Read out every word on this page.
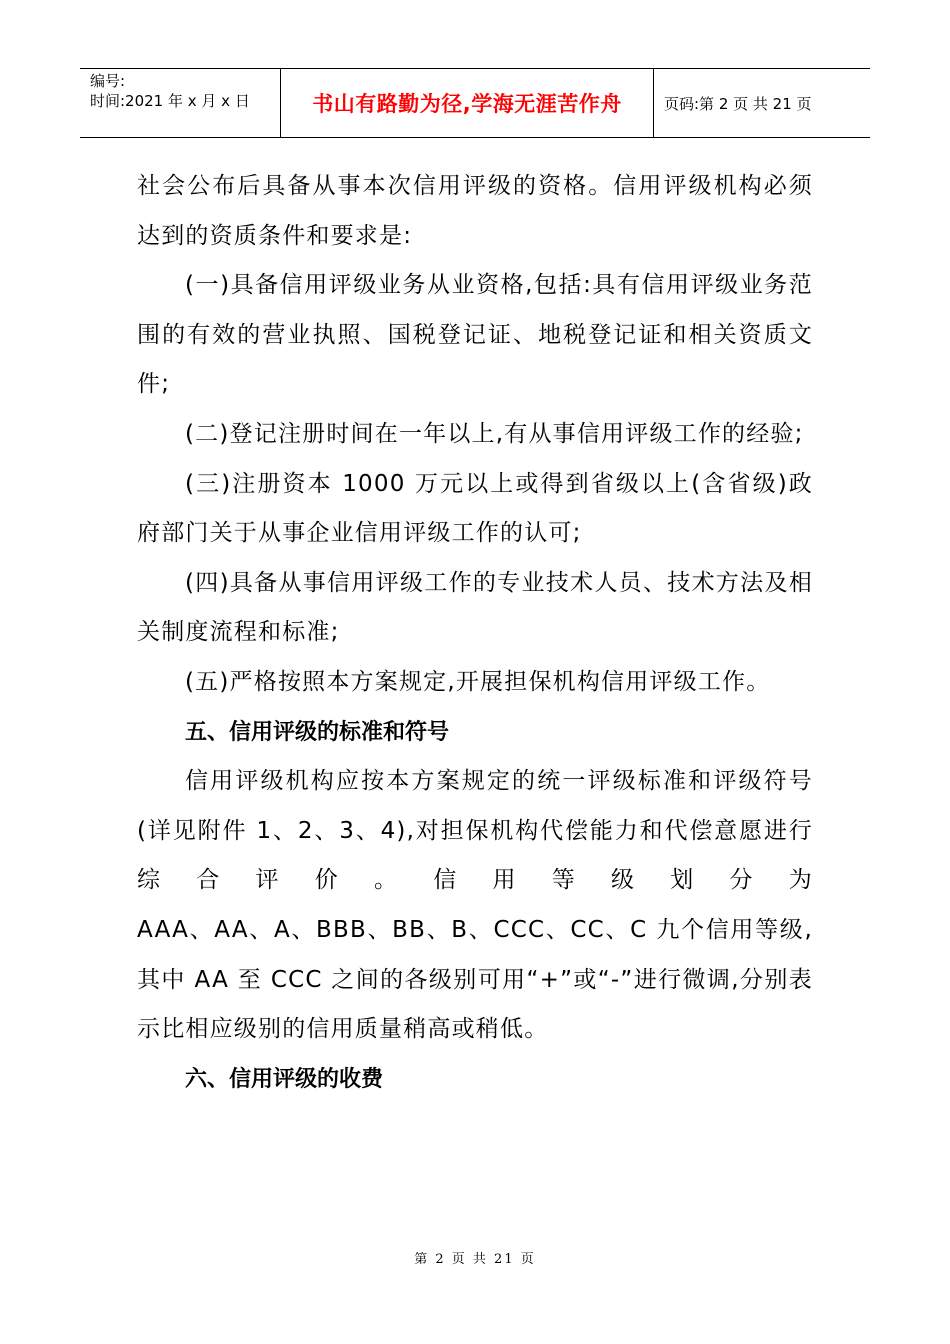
编号:
时间:2021 年 x 月 x 日	书山有路勤为径,学海无涯苦作舟	页码:第 2 页 共 21 页

社会公布后具备从事本次信用评级的资格。信用评级机构必须达到的资质条件和要求是:

(一)具备信用评级业务从业资格,包括:具有信用评级业务范围的有效的营业执照、国税登记证、地税登记证和相关资质文件;

(二)登记注册时间在一年以上,有从事信用评级工作的经验;

(三)注册资本 1000 万元以上或得到省级以上(含省级)政府部门关于从事企业信用评级工作的认可;

(四)具备从事信用评级工作的专业技术人员、技术方法及相关制度流程和标准;

(五)严格按照本方案规定,开展担保机构信用评级工作。

五、信用评级的标准和符号

信用评级机构应按本方案规定的统一评级标准和评级符号(详见附件 1、2、3、4),对担保机构代偿能力和代偿意愿进行综合评价。信用等级划分为

AAA、AA、A、BBB、BB、B、CCC、CC、C 九个信用等级,其中 AA 至 CCC 之间的各级别可用“+”或“-”进行微调,分别表示比相应级别的信用质量稍高或稍低。

六、信用评级的收费

第 2 页 共 21 页
